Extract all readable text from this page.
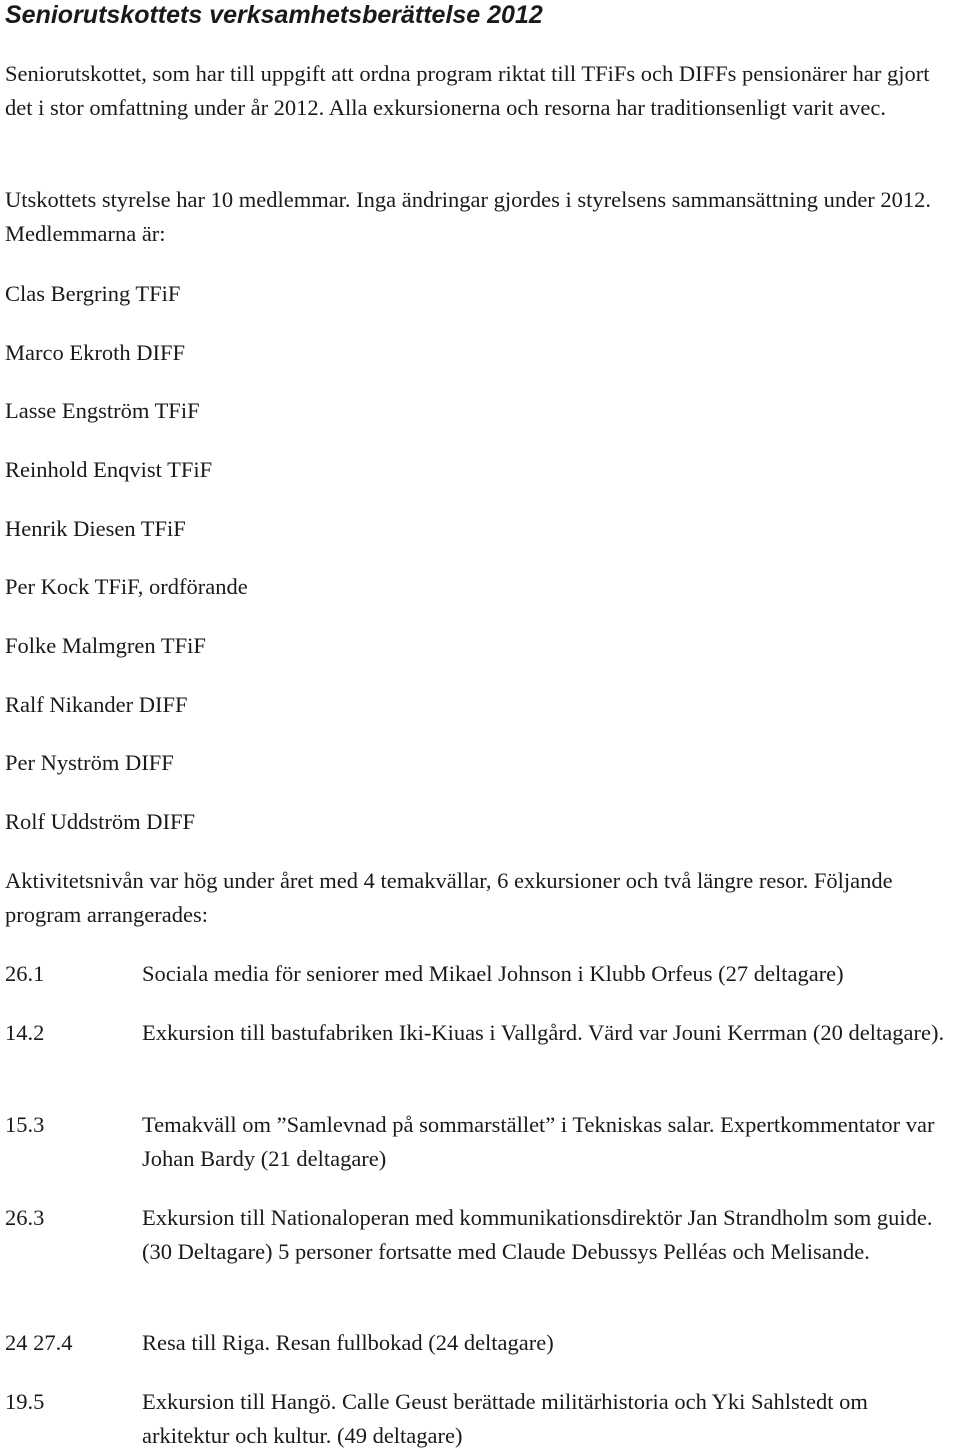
Seniorutskottets verksamhetsberättelse 2012

Seniorutskottet, som har till uppgift att ordna program riktat till TFiFs och DIFFs pensionärer har gjort det i stor omfattning under år 2012. Alla exkursionerna och resorna har traditionsenligt varit avec.

Utskottets styrelse har 10 medlemmar. Inga ändringar gjordes i styrelsens sammansättning under 2012. Medlemmarna är:

Clas Bergring TFiF

Marco Ekroth DIFF

Lasse Engström TFiF

Reinhold Enqvist TFiF

Henrik Diesen TFiF

Per Kock TFiF, ordförande

Folke Malmgren TFiF

Ralf Nikander DIFF

Per Nyström DIFF

Rolf Uddström DIFF

Aktivitetsnivån var hög under året med 4 temakvällar, 6 exkursioner och två längre resor. Följande program arrangerades:

26.1	Sociala media för seniorer med Mikael Johnson i Klubb Orfeus (27 deltagare)
14.2	Exkursion till bastufabriken Iki-Kiuas i Vallgård. Värd var Jouni Kerrman (20 deltagare).
15.3	Temakväll om ”Samlevnad på sommarstället” i Tekniskas salar. Expertkommentator var Johan Bardy (21 deltagare)
26.3	Exkursion till Nationaloperan med kommunikationsdirektör Jan Strandholm som guide. (30 Deltagare) 5 personer fortsatte med Claude Debussys Pelléas och Melisande.
24 27.4	Resa till Riga. Resan fullbokad (24 deltagare)
19.5	Exkursion till Hangö. Calle Geust berättade militärhistoria och Yki Sahlstedt om arkitektur och kultur. (49 deltagare)
